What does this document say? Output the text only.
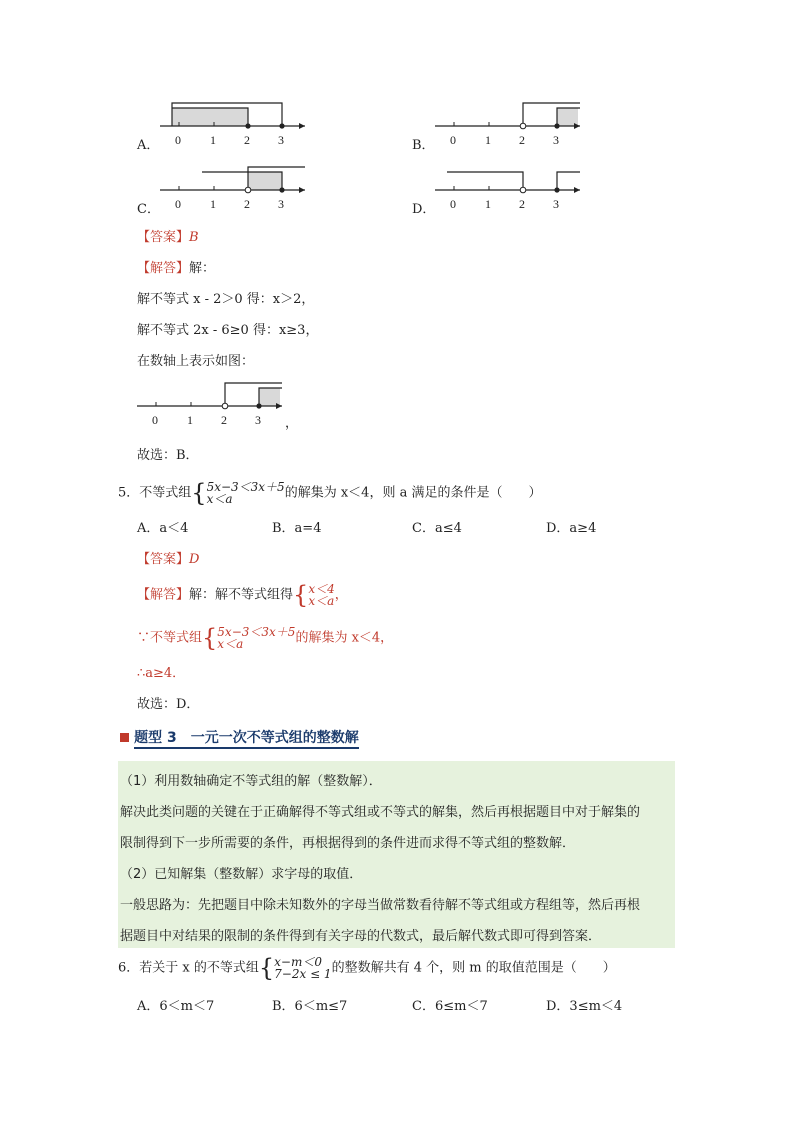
A． 0 1 2 3	B． 0 1 2 3
C． 0 1 2 3	D． 0 1 2 3
【答案】B
【解答】解：
解不等式 x - 2＞0 得：x＞2，
解不等式 2x - 6≥0 得：x≥3，
在数轴上表示如图：
0 1 2 3 ，
故选：B．
5．不等式组{ 5x−3＜3x＋5
x＜a	的解集为 x＜4，则 a 满足的条件是（　　）
A．a＜4	B．a=4	C．a≤4	D．a≥4
【答案】D
【解答】解：解不等式组得{ x＜4
x＜a ，
∵不等式组{ 5x−3＜3x＋5
x＜a	的解集为 x＜4，
∴a≥4．
故选：D．
题型 3　一元一次不等式组的整数解
（1）利用数轴确定不等式组的解（整数解）．
解决此类问题的关键在于正确解得不等式组或不等式的解集，然后再根据题目中对于解集的
限制得到下一步所需要的条件，再根据得到的条件进而求得不等式组的整数解．
（2）已知解集（整数解）求字母的取值．
一般思路为：先把题目中除未知数外的字母当做常数看待解不等式组或方程组等，然后再根
据题目中对结果的限制的条件得到有关字母的代数式，最后解代数式即可得到答案．
6．若关于 x 的不等式组{ x−m＜0
7−2x ≤ 1 的整数解共有 4 个，则 m 的取值范围是（　　）
A．6＜m＜7	B．6＜m≤7	C．6≤m＜7	D．3≤m＜4
